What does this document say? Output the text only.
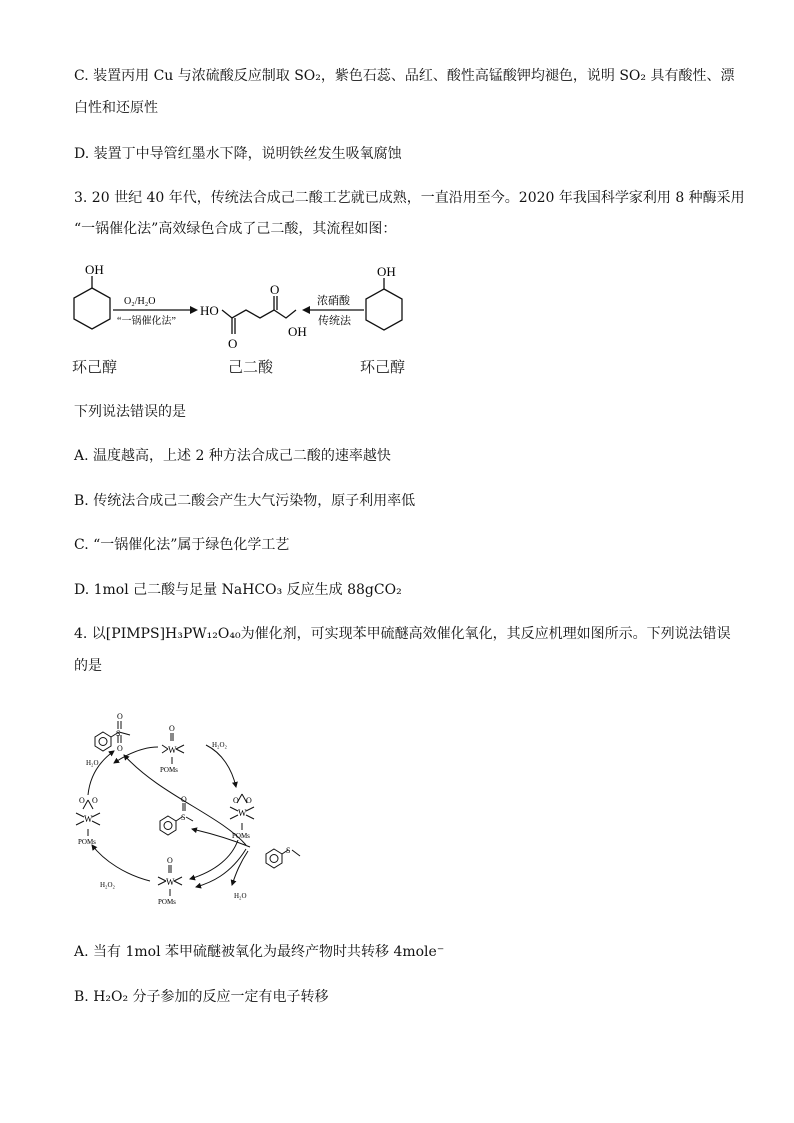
C. 装置丙用 Cu 与浓硫酸反应制取 SO₂，紫色石蕊、品红、酸性高锰酸钾均褪色，说明 SO₂ 具有酸性、漂
白性和还原性
D. 装置丁中导管红墨水下降，说明铁丝发生吸氧腐蚀
3. 20 世纪 40 年代，传统法合成己二酸工艺就已成熟，一直沿用至今。2020 年我国科学家利用 8 种酶采用
“一锅催化法”高效绿色合成了己二酸，其流程如图：
OH
O₂/H₂O
“一锅催化法”
HO
O
O
OH
浓硝酸
传统法
OH
环己醇	己二酸	环己醇
下列说法错误的是
A. 温度越高，上述 2 种方法合成己二酸的速率越快
B. 传统法合成己二酸会产生大气污染物，原子利用率低
C. “一锅催化法”属于绿色化学工艺
D. 1mol 己二酸与足量 NaHCO₃ 反应生成 88gCO₂
4. 以[PIMPS]H₃PW₁₂O₄₀为催化剂，可实现苯甲硫醚高效催化氧化，其反应机理如图所示。下列说法错误
的是
S
O
O	W
O
POMs
W
O O
POMs
W
O O
POMs
W
O
POMs
S
O
S
H₂O₂
H₂O
H₂O₂
H₂O
A. 当有 1mol 苯甲硫醚被氧化为最终产物时共转移 4mole⁻
B. H₂O₂ 分子参加的反应一定有电子转移
